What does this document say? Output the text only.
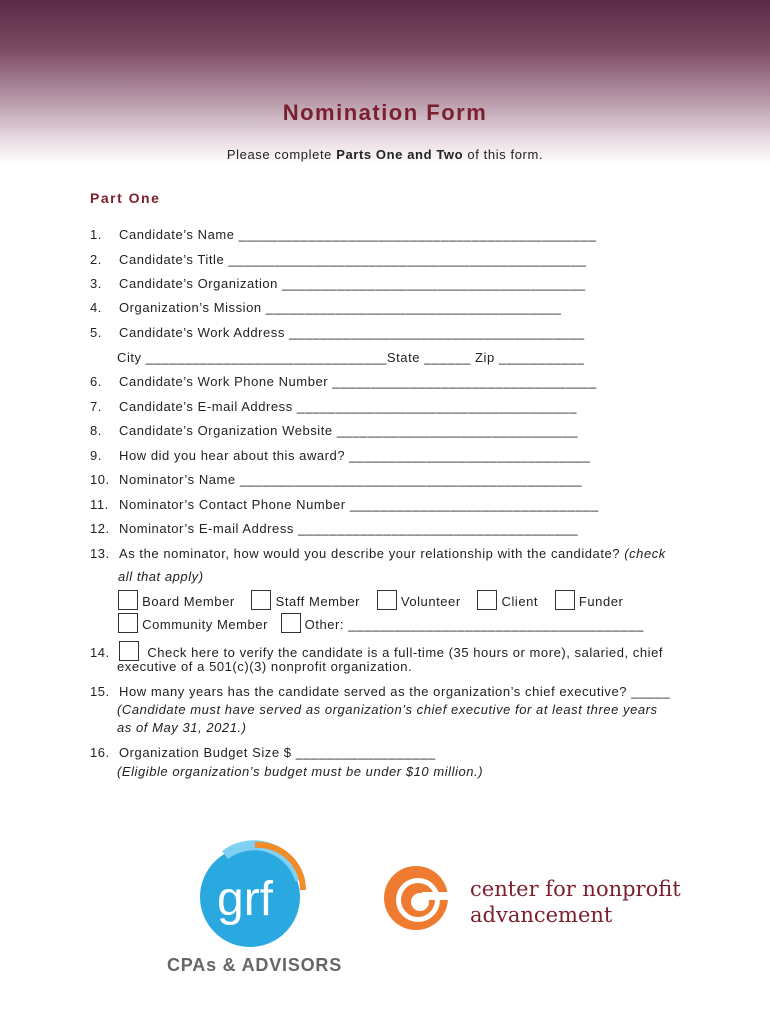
Nomination Form
Please complete Parts One and Two of this form.
Part One
1. Candidate’s Name ______________________________________________
2. Candidate’s Title ______________________________________________
3. Candidate’s Organization _______________________________________
4. Organization’s Mission ______________________________________
5. Candidate’s Work Address ______________________________________
City _______________________________State ______ Zip ___________
6. Candidate’s Work Phone Number __________________________________
7. Candidate’s E-mail Address ____________________________________
8. Candidate’s Organization Website _______________________________
9. How did you hear about this award? _______________________________
10. Nominator’s Name ____________________________________________
11. Nominator’s Contact Phone Number ________________________________
12. Nominator’s E-mail Address ____________________________________
13. As the nominator, how would you describe your relationship with the candidate? (check
all that apply)
Board Member	Staff Member	Volunteer	Client	Funder
Community Member	Other: ______________________________________
14.	Check here to verify the candidate is a full-time (35 hours or more), salaried, chief
executive of a 501(c)(3) nonprofit organization.
15. How many years has the candidate served as the organization’s chief executive? _____
(Candidate must have served as organization’s chief executive for at least three years
as of May 31, 2021.)
16. Organization Budget Size $ __________________
(Eligible organization’s budget must be under $10 million.)
grf
CPAs & ADVISORS
center for nonprofit
advancement
